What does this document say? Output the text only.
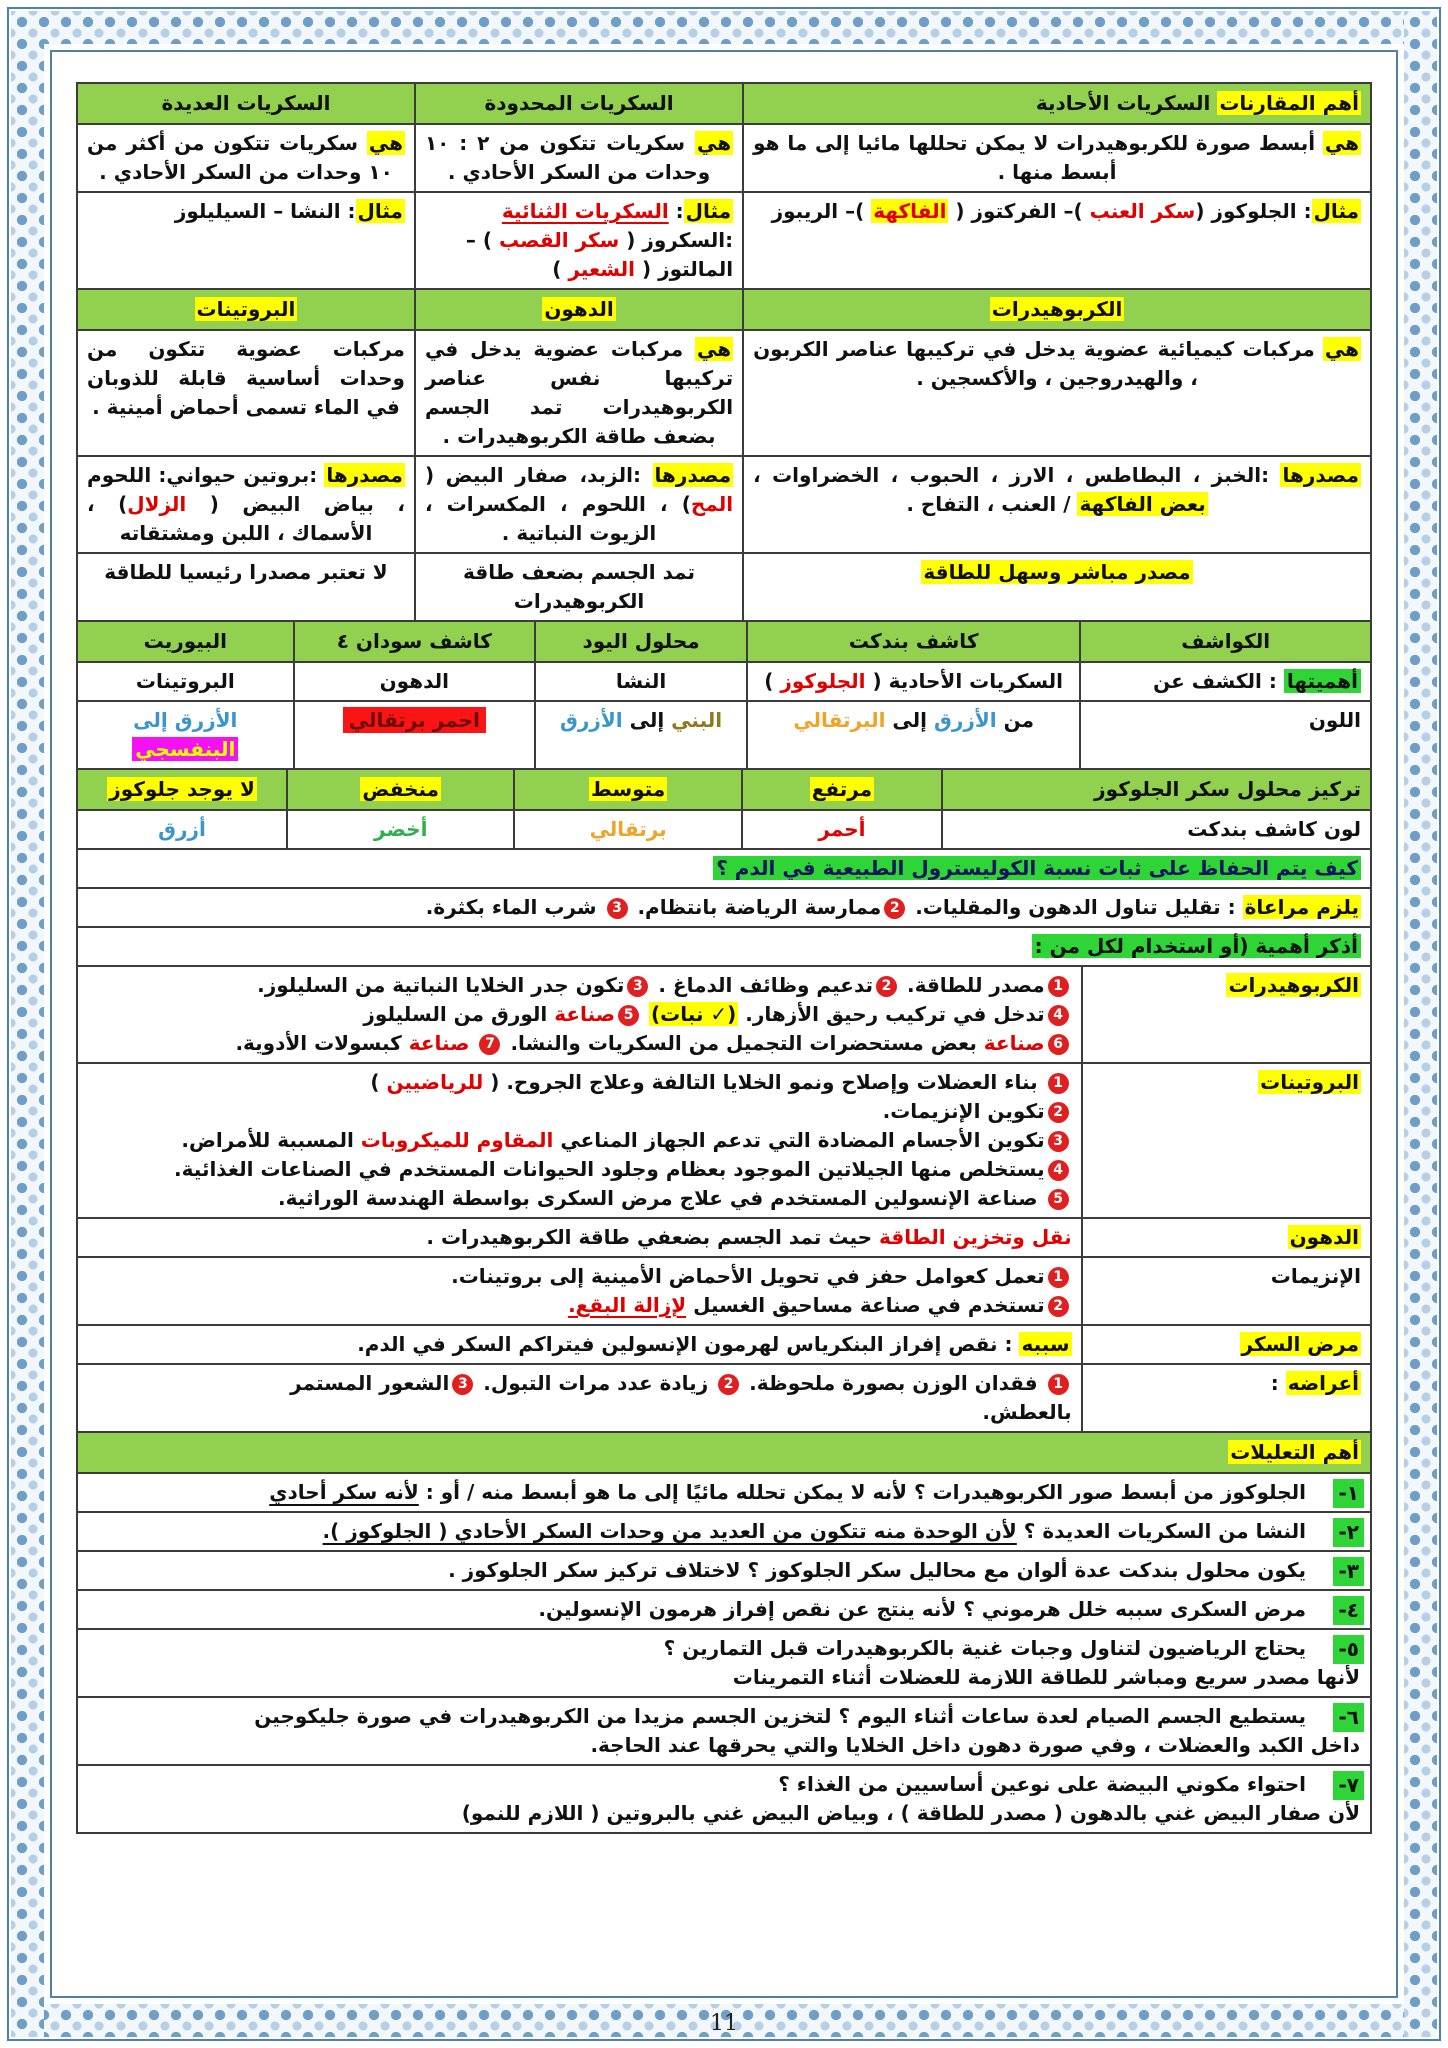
أهم المقارنات السكريات الأحادية
السكريات المحدودة
السكريات العديدة
هي أبسط صورة للكربوهيدرات لا يمكن تحللها مائيا إلى ما هو أبسط منها .
هي سكريات تتكون من ٢ : ١٠ وحدات من السكر الأحادي .
هي سكريات تتكون من أكثر من ١٠ وحدات من السكر الأحادي .
مثال: الجلوكوز (سكر العنب )– الفركتوز ( الفاكهة )– الريبوز
مثال: السكريات الثنائية :السكروز ( سكر القصب ) – المالتوز ( الشعير )
مثال: النشا – السيليلوز
الكربوهيدرات
الدهون
البروتينات
هي مركبات كيميائية عضوية يدخل في تركيبها عناصر الكربون ، والهيدروجين ، والأكسجين .
هي مركبات عضوية يدخل في تركيبها نفس عناصر الكربوهيدرات تمد الجسم بضعف طاقة الكربوهيدرات .
مركبات عضوية تتكون من وحدات أساسية قابلة للذوبان في الماء تسمى أحماض أمينية .
مصدرها :الخبز ، البطاطس ، الارز ، الحبوب ، الخضراوات ، بعض الفاكهة / العنب ، التفاح .
مصدرها :الزبد، صفار البيض ( المح) ، اللحوم ، المكسرات ، الزيوت النباتية .
مصدرها :بروتين حيواني: اللحوم ، بياض البيض ( الزلال) ، الأسماك ، اللبن ومشتقاته
مصدر مباشر وسهل للطاقة
تمد الجسم بضعف طاقة الكربوهيدرات
لا تعتبر مصدرا رئيسيا للطاقة
الكواشف
كاشف بندكت
محلول اليود
كاشف سودان ٤
البيوريت
أهميتها : الكشف عن
السكريات الأحادية ( الجلوكوز )
النشا
الدهون
البروتينات
اللون
من الأزرق إلى البرتقالي
البني إلى الأزرق
احمر برتقالي
الأزرق إلى البنفسجي
تركيز محلول سكر الجلوكوز
مرتفع
متوسط
منخفض
لا يوجد جلوكوز
لون كاشف بندكت
أحمر
برتقالي
أخضر
أزرق
كيف يتم الحفاظ على ثبات نسبة الكوليسترول الطبيعية في الدم ؟
يلزم مراعاة : تقليل تناول الدهون والمقليات. 2ممارسة الرياضة بانتظام. 3 شرب الماء بكثرة.
أذكر أهمية (أو استخدام لكل من :
الكربوهيدرات
1مصدر للطاقة. 2تدعيم وظائف الدماغ . 3تكون جدر الخلايا النباتية من السليلوز.
4تدخل في تركيب رحيق الأزهار. (✓ نبات) 5صناعة الورق من السليلوز
6صناعة بعض مستحضرات التجميل من السكريات والنشا. 7 صناعة كبسولات الأدوية.
البروتينات
1 بناء العضلات وإصلاح ونمو الخلايا التالفة وعلاج الجروح. ( للرياضيين )
2تكوين الإنزيمات.
3تكوين الأجسام المضادة التي تدعم الجهاز المناعي المقاوم للميكروبات المسببة للأمراض.
4يستخلص منها الجيلاتين الموجود بعظام وجلود الحيوانات المستخدم في الصناعات الغذائية.
5 صناعة الإنسولين المستخدم في علاج مرض السكرى بواسطة الهندسة الوراثية.
الدهون
نقل وتخزين الطاقة حيث تمد الجسم بضعفي طاقة الكربوهيدرات .
الإنزيمات
1تعمل كعوامل حفز في تحويل الأحماض الأمينية إلى بروتينات.
2تستخدم في صناعة مساحيق الغسيل لإزالة البقع.
مرض السكر
سببه : نقص إفراز البنكرياس لهرمون الإنسولين فيتراكم السكر في الدم.
أعراضه :
1 فقدان الوزن بصورة ملحوظة. 2 زيادة عدد مرات التبول. 3الشعور المستمر
بالعطش.
أهم التعليلات
١-
الجلوكوز من أبسط صور الكربوهيدرات ؟ لأنه لا يمكن تحلله مائيًا إلى ما هو أبسط منه / أو : لأنه سكر أحادي
٢-
النشا من السكريات العديدة ؟ لأن الوحدة منه تتكون من العديد من وحدات السكر الأحادي ( الجلوكوز ).
٣-
يكون محلول بندكت عدة ألوان مع محاليل سكر الجلوكوز ؟ لاختلاف تركيز سكر الجلوكوز .
٤-
مرض السكرى سببه خلل هرموني ؟ لأنه ينتج عن نقص إفراز هرمون الإنسولين.
٥-
يحتاج الرياضيون لتناول وجبات غنية بالكربوهيدرات قبل التمارين ؟
لأنها مصدر سريع ومباشر للطاقة اللازمة للعضلات أثناء التمرينات
٦-
يستطيع الجسم الصيام لعدة ساعات أثناء اليوم ؟ لتخزين الجسم مزيدا من الكربوهيدرات في صورة جليكوجين
داخل الكبد والعضلات ، وفي صورة دهون داخل الخلايا والتي يحرقها عند الحاجة.
٧-
احتواء مكوني البيضة على نوعين أساسيين من الغذاء ؟
لأن صفار البيض غني بالدهون ( مصدر للطاقة ) ، وبياض البيض غني بالبروتين ( اللازم للنمو)
11
